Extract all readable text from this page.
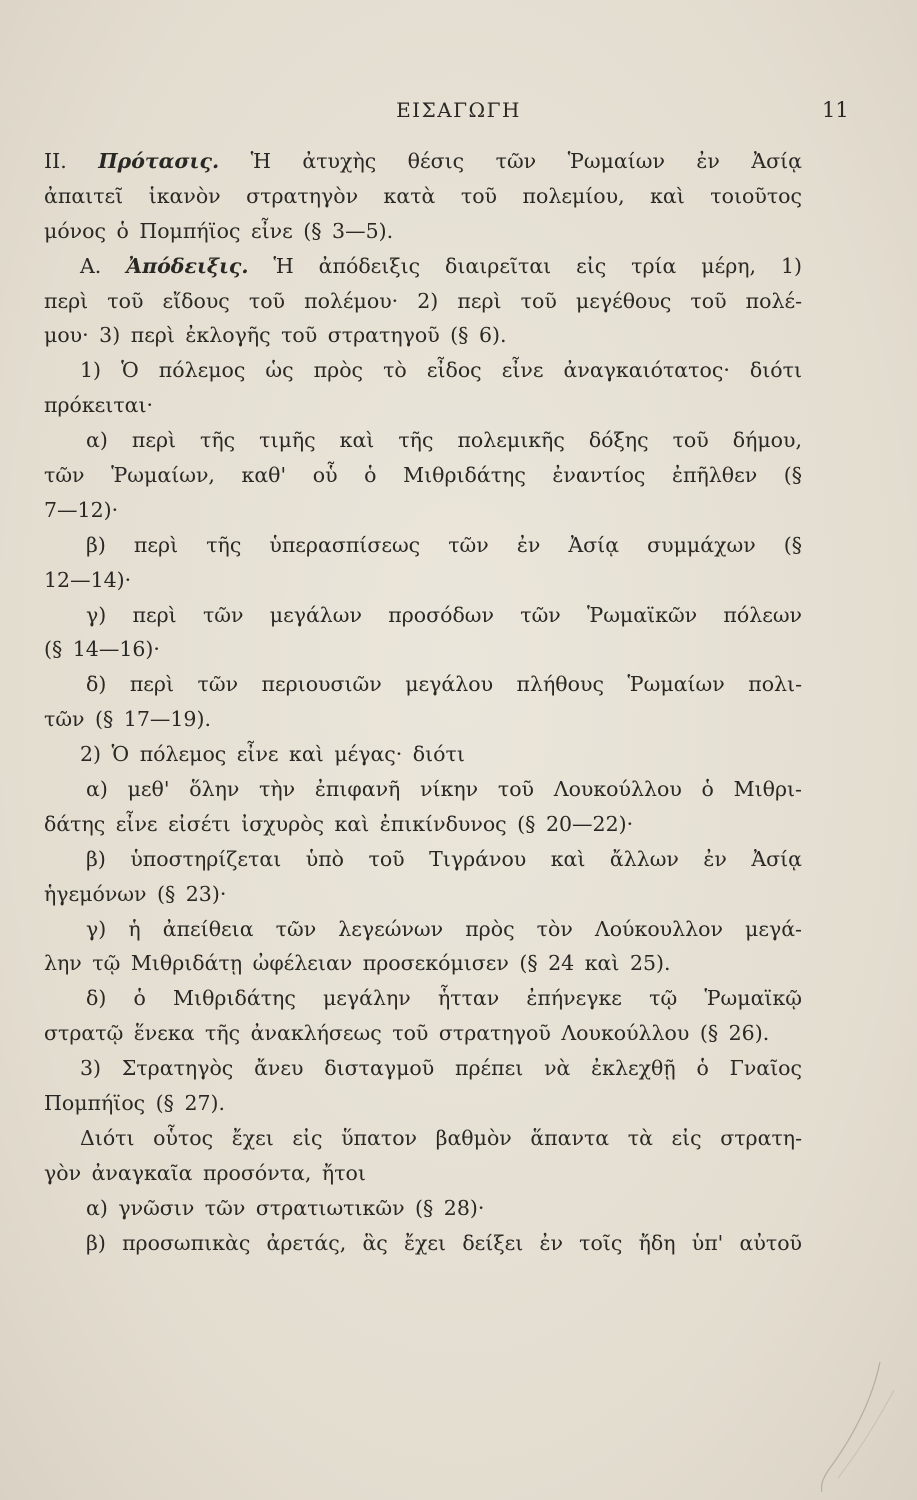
ΕΙΣΑΓΩΓΗ	11
II. Πρότασις. Ἡ ἀτυχὴς θέσις τῶν Ῥωμαίων ἐν Ἀσίᾳ
ἀπαιτεῖ ἱκανὸν στρατηγὸν κατὰ τοῦ πολεμίου, καὶ τοιοῦτος
μόνος ὁ Πομπήϊος εἶνε (§ 3—5).
A. Ἀπόδειξις. Ἡ ἀπόδειξις διαιρεῖται εἰς τρία μέρη, 1)
περὶ τοῦ εἴδους τοῦ πολέμου· 2) περὶ τοῦ μεγέθους τοῦ πολέ-
μου· 3) περὶ ἐκλογῆς τοῦ στρατηγοῦ (§ 6).
1) Ὁ πόλεμος ὡς πρὸς τὸ εἶδος εἶνε ἀναγκαιότατος· διότι
πρόκειται·
α) περὶ τῆς τιμῆς καὶ τῆς πολεμικῆς δόξης τοῦ δήμου,
τῶν Ῥωμαίων, καθ' οὗ ὁ Μιθριδάτης ἐναντίος ἐπῆλθεν (§
7—12)·
β) περὶ τῆς ὑπερασπίσεως τῶν ἐν Ἀσίᾳ συμμάχων (§
12—14)·
γ) περὶ τῶν μεγάλων προσόδων τῶν Ῥωμαϊκῶν πόλεων
(§ 14—16)·
δ) περὶ τῶν περιουσιῶν μεγάλου πλήθους Ῥωμαίων πολι-
τῶν (§ 17—19).
2) Ὁ πόλεμος εἶνε καὶ μέγας· διότι
α) μεθ' ὅλην τὴν ἐπιφανῆ νίκην τοῦ Λουκούλλου ὁ Μιθρι-
δάτης εἶνε εἰσέτι ἰσχυρὸς καὶ ἐπικίνδυνος (§ 20—22)·
β) ὑποστηρίζεται ὑπὸ τοῦ Τιγράνου καὶ ἄλλων ἐν Ἀσίᾳ
ἡγεμόνων (§ 23)·
γ) ἡ ἀπείθεια τῶν λεγεώνων πρὸς τὸν Λούκουλλον μεγά-
λην τῷ Μιθριδάτῃ ὠφέλειαν προσεκόμισεν (§ 24 καὶ 25).
δ) ὁ Μιθριδάτης μεγάλην ἧτταν ἐπήνεγκε τῷ Ῥωμαϊκῷ
στρατῷ ἕνεκα τῆς ἀνακλήσεως τοῦ στρατηγοῦ Λουκούλλου (§ 26).
3) Στρατηγὸς ἄνευ δισταγμοῦ πρέπει νὰ ἐκλεχθῇ ὁ Γναῖος
Πομπήϊος (§ 27).
Διότι οὗτος ἔχει εἰς ὕπατον βαθμὸν ἅπαντα τὰ εἰς στρατη-
γὸν ἀναγκαῖα προσόντα, ἤτοι
α) γνῶσιν τῶν στρατιωτικῶν (§ 28)·
β) προσωπικὰς ἀρετάς, ἃς ἔχει δείξει ἐν τοῖς ἤδη ὑπ' αὐτοῦ
